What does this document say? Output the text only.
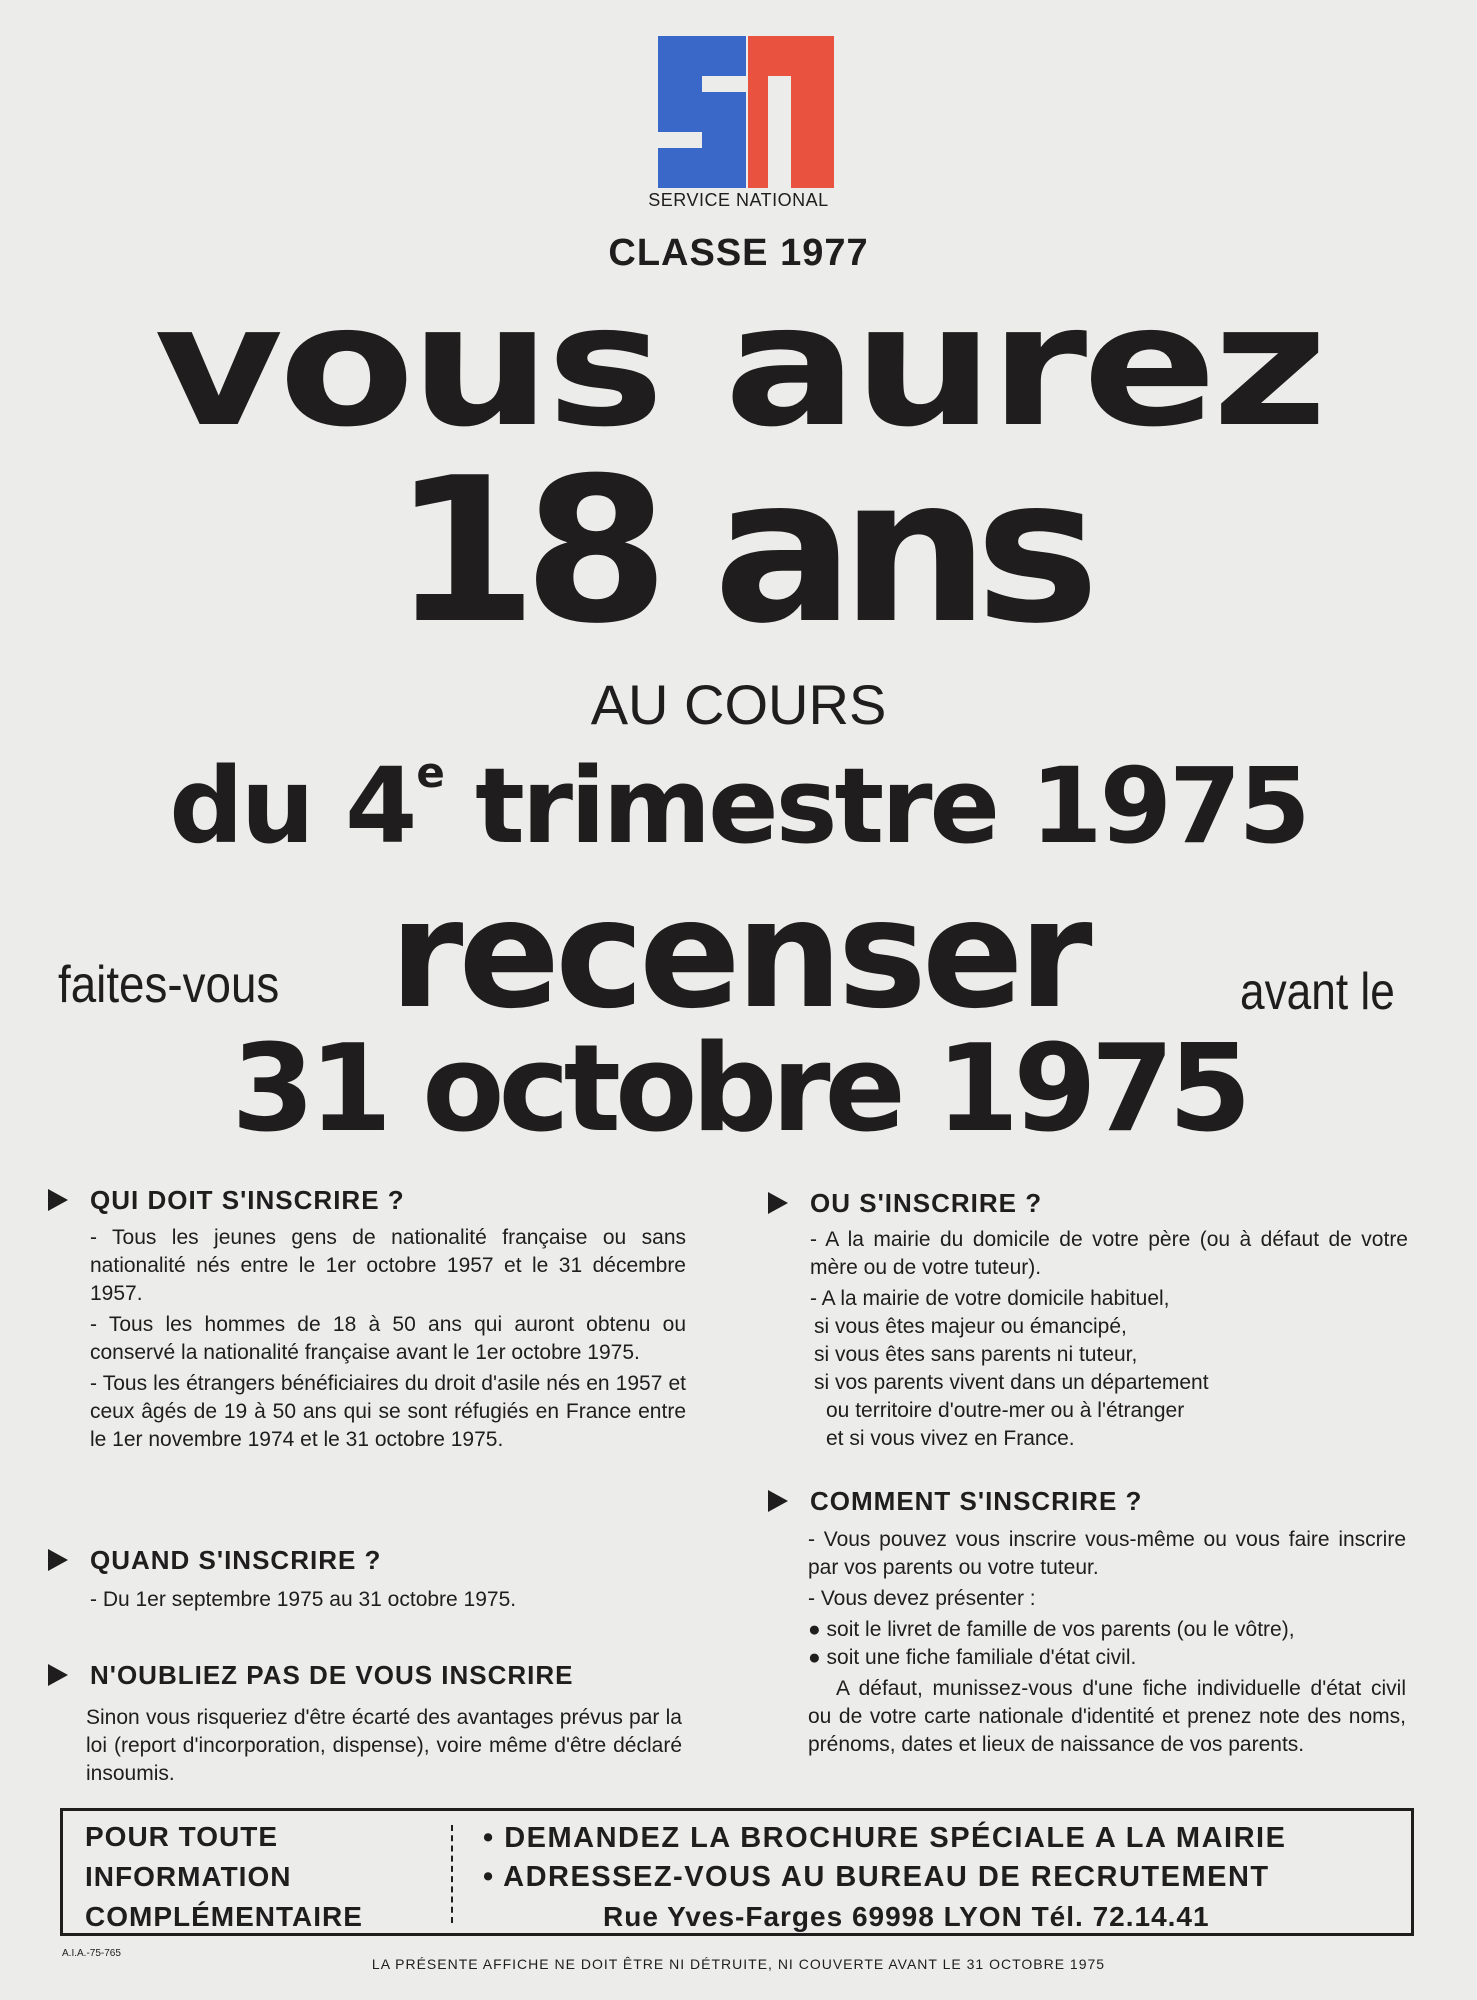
SERVICE NATIONAL
CLASSE 1977
vous aurez
18 ans
AU COURS
du 4e trimestre 1975
faites-vous recenser	avant le
31 octobre 1975
QUI DOIT S'INSCRIRE ?

- Tous les jeunes gens de nationalité française ou sans nationalité nés entre le 1er octobre 1957 et le 31 décembre 1957.

- Tous les hommes de 18 à 50 ans qui auront obtenu ou conservé la nationalité française avant le 1er octobre 1975.

- Tous les étrangers bénéficiaires du droit d'asile nés en 1957 et ceux âgés de 19 à 50 ans qui se sont réfugiés en France entre le 1er novembre 1974 et le 31 octobre 1975.

QUAND S'INSCRIRE ?
- Du 1er septembre 1975 au 31 octobre 1975.
N'OUBLIEZ PAS DE VOUS INSCRIRE
Sinon vous risqueriez d'être écarté des avantages prévus par la loi (report d'incorporation, dispense), voire même d'être déclaré insoumis.
OU S'INSCRIRE ?

- A la mairie du domicile de votre père (ou à défaut de votre mère ou de votre tuteur).

- A la mairie de votre domicile habituel,

si vous êtes majeur ou émancipé,

si vous êtes sans parents ni tuteur,

si vos parents vivent dans un département

ou territoire d'outre-mer ou à l'étranger

et si vous vivez en France.

COMMENT S'INSCRIRE ?

- Vous pouvez vous inscrire vous-même ou vous faire inscrire par vos parents ou votre tuteur.

- Vous devez présenter :

● soit le livret de famille de vos parents (ou le vôtre),

● soit une fiche familiale d'état civil.

A défaut, munissez-vous d'une fiche individuelle d'état civil ou de votre carte nationale d'identité et prenez note des noms, prénoms, dates et lieux de naissance de vos parents.

POUR TOUTE
INFORMATION
COMPLÉMENTAIRE
• DEMANDEZ LA BROCHURE SPÉCIALE A LA MAIRIE
• ADRESSEZ-VOUS AU BUREAU DE RECRUTEMENT
Rue Yves-Farges 69998 LYON Tél. 72.14.41
A.I.A.-75-765
LA PRÉSENTE AFFICHE NE DOIT ÊTRE NI DÉTRUITE, NI COUVERTE AVANT LE 31 OCTOBRE 1975
